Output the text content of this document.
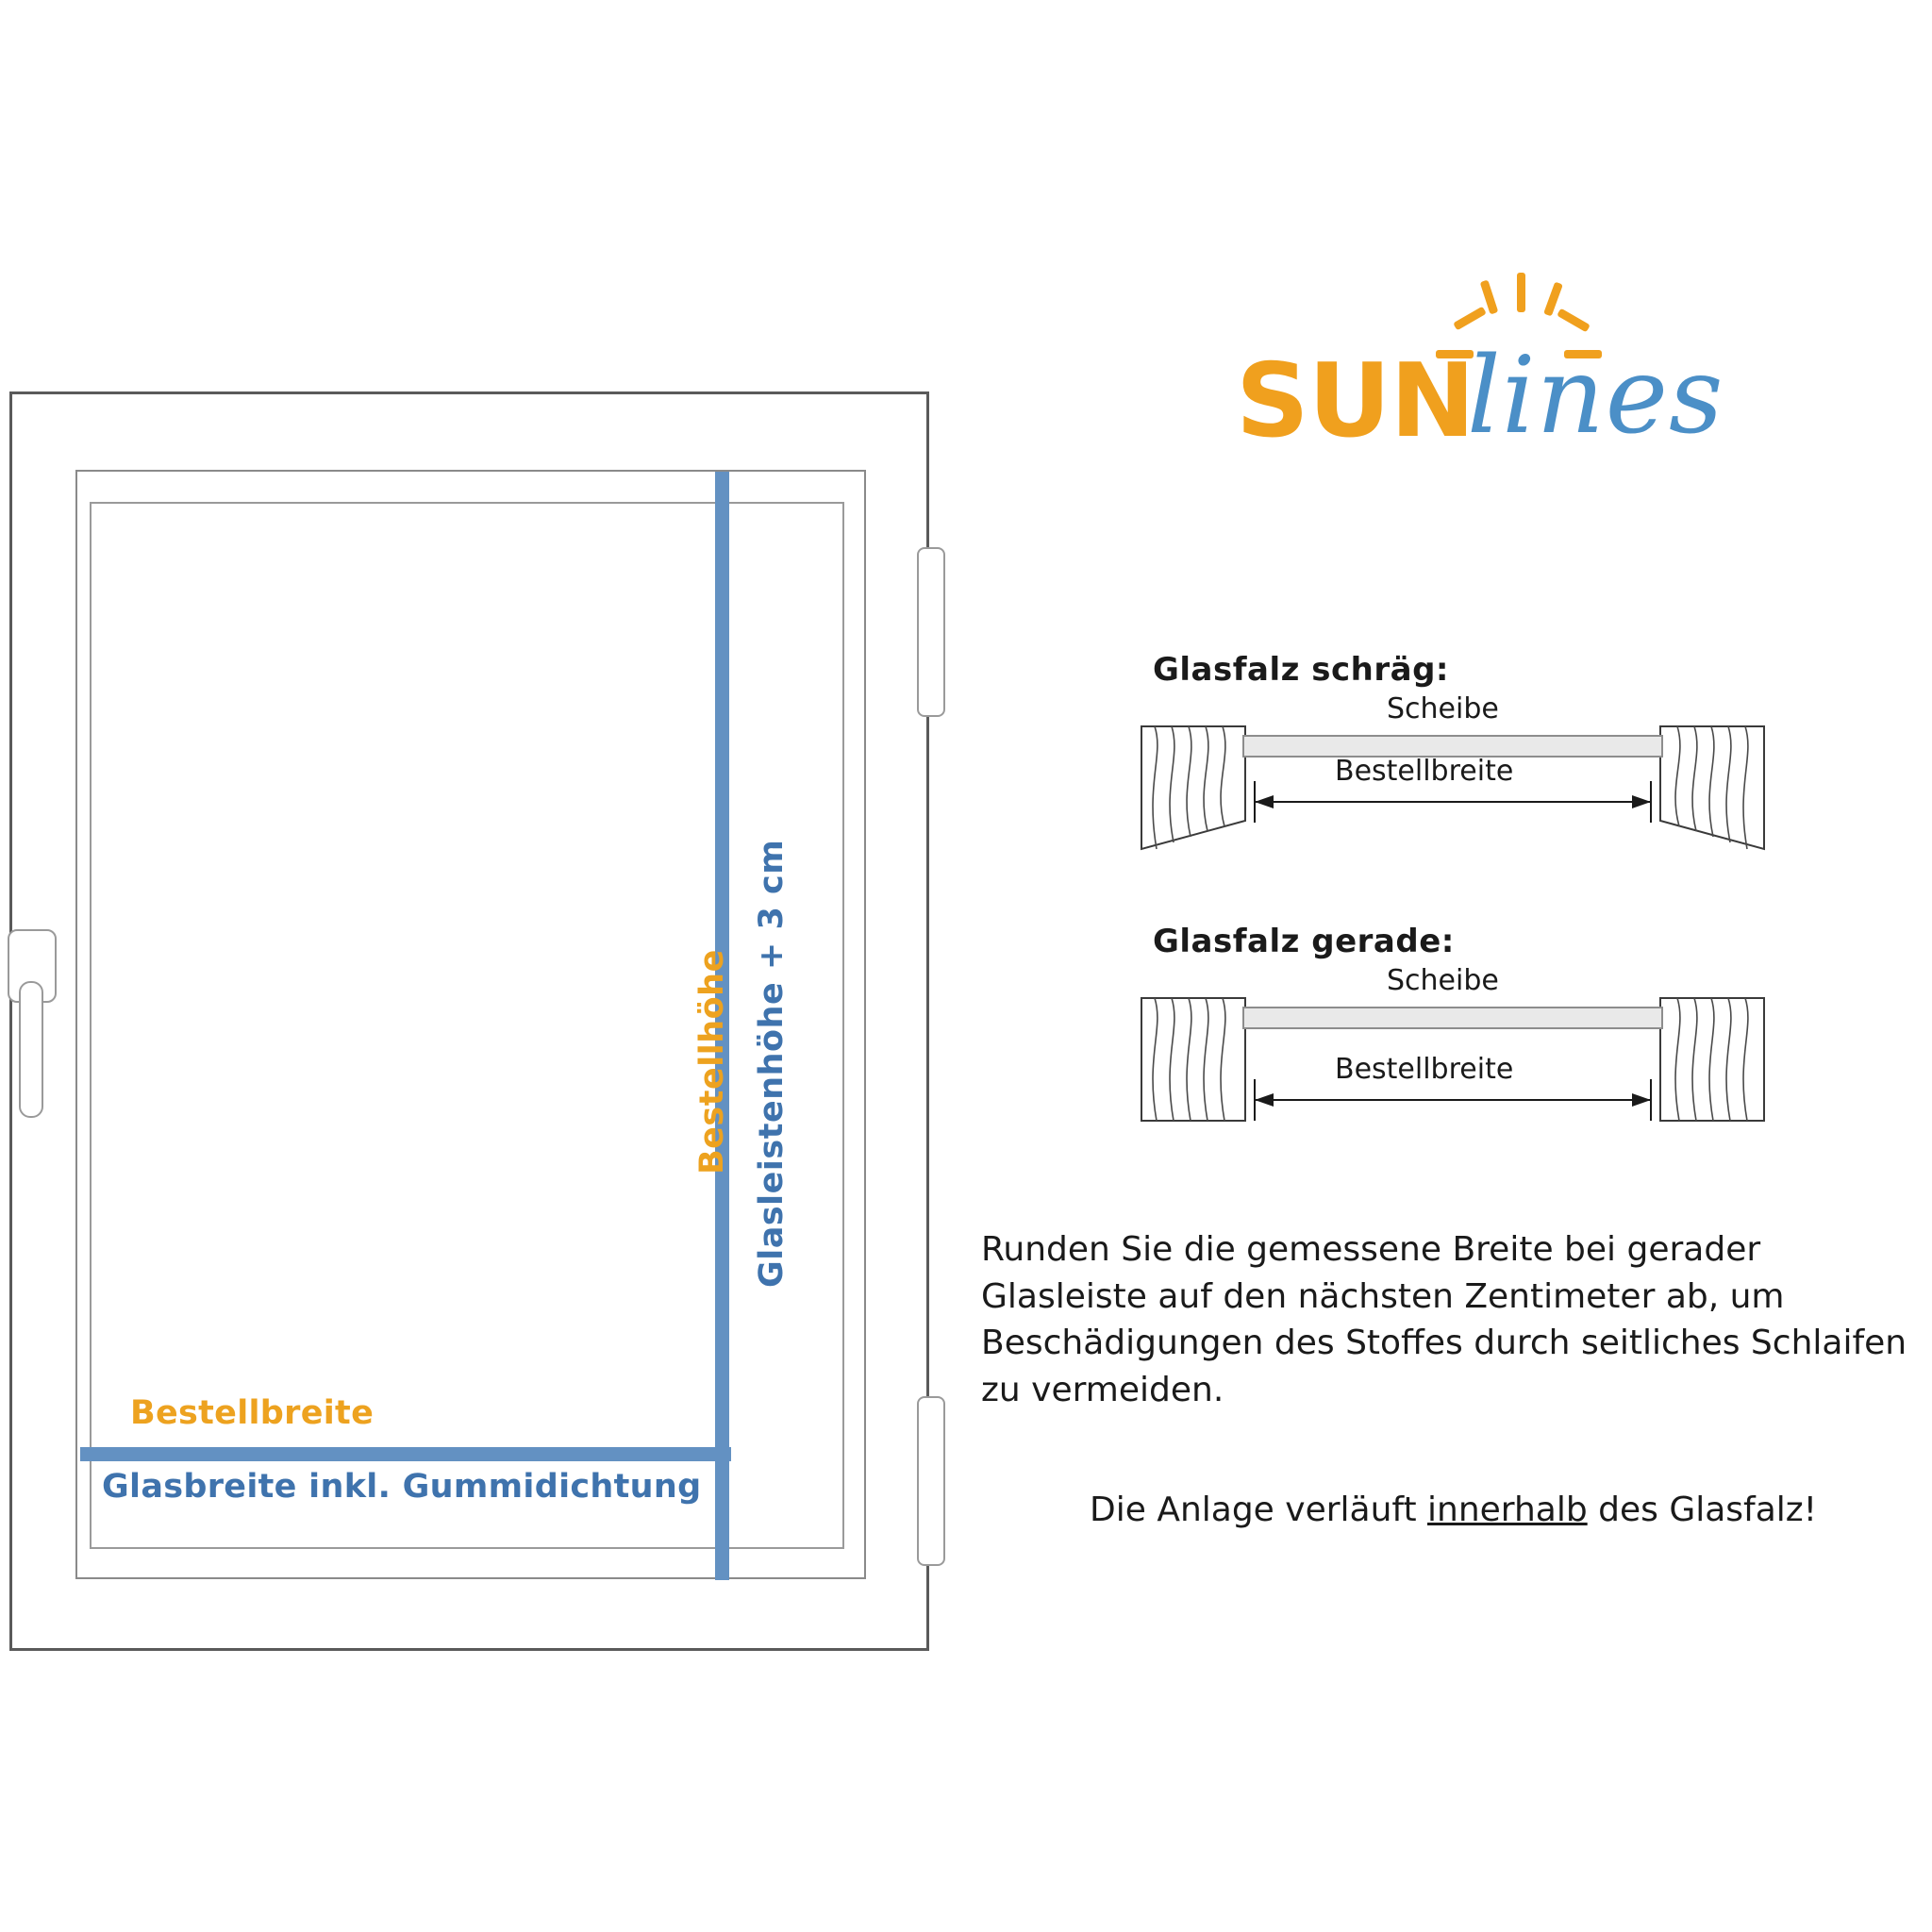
Bestellhöhe Glasleistenhöhe + 3 cm
Bestellbreite
Glasbreite inkl. Gummidichtung
SUN
lines
Glasfalz schräg:
Scheibe
Bestellbreite
Glasfalz gerade:
Scheibe
Bestellbreite
Runden Sie die gemessene Breite bei gerader Glasleiste auf den nächsten Zentimeter ab, um Beschädigungen des Stoffes durch seitliches Schlaifen zu vermeiden.
Die Anlage verläuft innerhalb des Glasfalz!
